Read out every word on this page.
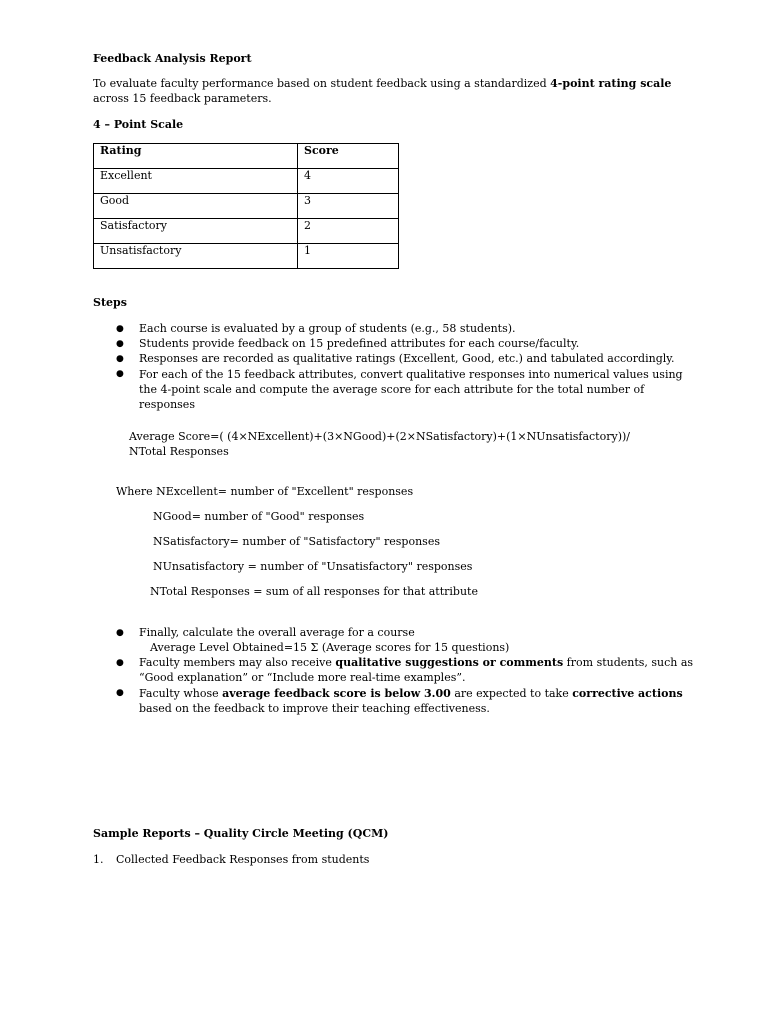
Feedback Analysis Report
To evaluate faculty performance based on student feedback using a standardized 4-point rating scale
across 15 feedback parameters.
4 – Point Scale
Rating	Score
Excellent	4
Good	3
Satisfactory	2
Unsatisfactory	1
Steps
● Each course is evaluated by a group of students (e.g., 58 students).
● Students provide feedback on 15 predefined attributes for each course/faculty.
● Responses are recorded as qualitative ratings (Excellent, Good, etc.) and tabulated accordingly.
● For each of the 15 feedback attributes, convert qualitative responses into numerical values using
the 4-point scale and compute the average score for each attribute for the total number of
responses
Average Score=( (4×NExcellent)+(3×NGood)+(2×NSatisfactory)+(1×NUnsatisfactory))/
NTotal Responses
Where NExcellent= number of "Excellent" responses
NGood= number of "Good" responses
NSatisfactory= number of "Satisfactory" responses
NUnsatisfactory = number of "Unsatisfactory" responses
NTotal Responses = sum of all responses for that attribute
● Finally, calculate the overall average for a course
Average Level Obtained=15 Σ (Average scores for 15 questions)
● Faculty members may also receive qualitative suggestions or comments from students, such as
“Good explanation” or “Include more real-time examples”.
● Faculty whose average feedback score is below 3.00 are expected to take corrective actions
based on the feedback to improve their teaching effectiveness.
Sample Reports – Quality Circle Meeting (QCM)
1. Collected Feedback Responses from students
